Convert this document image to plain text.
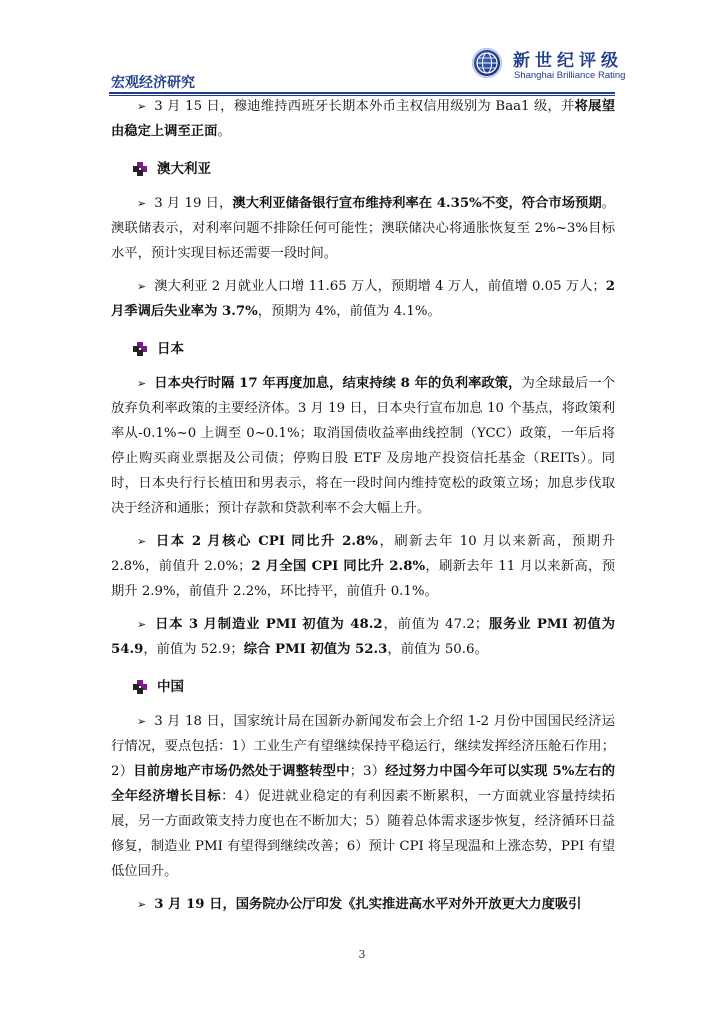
新世纪评级
Shanghai Brilliance Rating
宏观经济研究

➢ 3 月 15 日，穆迪维持西班牙长期本外币主权信用级别为 Baa1 级，并将展望由稳定上调至正面。

澳大利亚

➢ 3 月 19 日，澳大利亚储备银行宣布维持利率在 4.35%不变，符合市场预期。澳联储表示，对利率问题不排除任何可能性；澳联储决心将通胀恢复至 2%~3%目标水平，预计实现目标还需要一段时间。

➢ 澳大利亚 2 月就业人口增 11.65 万人，预期增 4 万人，前值增 0.05 万人；2 月季调后失业率为 3.7%，预期为 4%，前值为 4.1%。

日本

➢ 日本央行时隔 17 年再度加息，结束持续 8 年的负利率政策，为全球最后一个放弃负利率政策的主要经济体。3 月 19 日，日本央行宣布加息 10 个基点，将政策利率从-0.1%~0 上调至 0~0.1%；取消国债收益率曲线控制（YCC）政策，一年后将停止购买商业票据及公司债；停购日股 ETF 及房地产投资信托基金（REITs）。同时，日本央行行长植田和男表示，将在一段时间内维持宽松的政策立场；加息步伐取决于经济和通胀；预计存款和贷款利率不会大幅上升。

➢ 日本 2 月核心 CPI 同比升 2.8%，刷新去年 10 月以来新高，预期升 2.8%，前值升 2.0%；2 月全国 CPI 同比升 2.8%，刷新去年 11 月以来新高，预期升 2.9%，前值升 2.2%，环比持平，前值升 0.1%。

➢ 日本 3 月制造业 PMI 初值为 48.2，前值为 47.2；服务业 PMI 初值为 54.9，前值为 52.9；综合 PMI 初值为 52.3，前值为 50.6。

中国

➢ 3 月 18 日，国家统计局在国新办新闻发布会上介绍 1-2 月份中国国民经济运行情况，要点包括：1）工业生产有望继续保持平稳运行，继续发挥经济压舱石作用；2）目前房地产市场仍然处于调整转型中；3）经过努力中国今年可以实现 5%左右的全年经济增长目标：4）促进就业稳定的有利因素不断累积，一方面就业容量持续拓展，另一方面政策支持力度也在不断加大；5）随着总体需求逐步恢复，经济循环日益修复，制造业 PMI 有望得到继续改善；6）预计 CPI 将呈现温和上涨态势，PPI 有望低位回升。

➢ 3 月 19 日，国务院办公厅印发《扎实推进高水平对外开放更大力度吸引

3
